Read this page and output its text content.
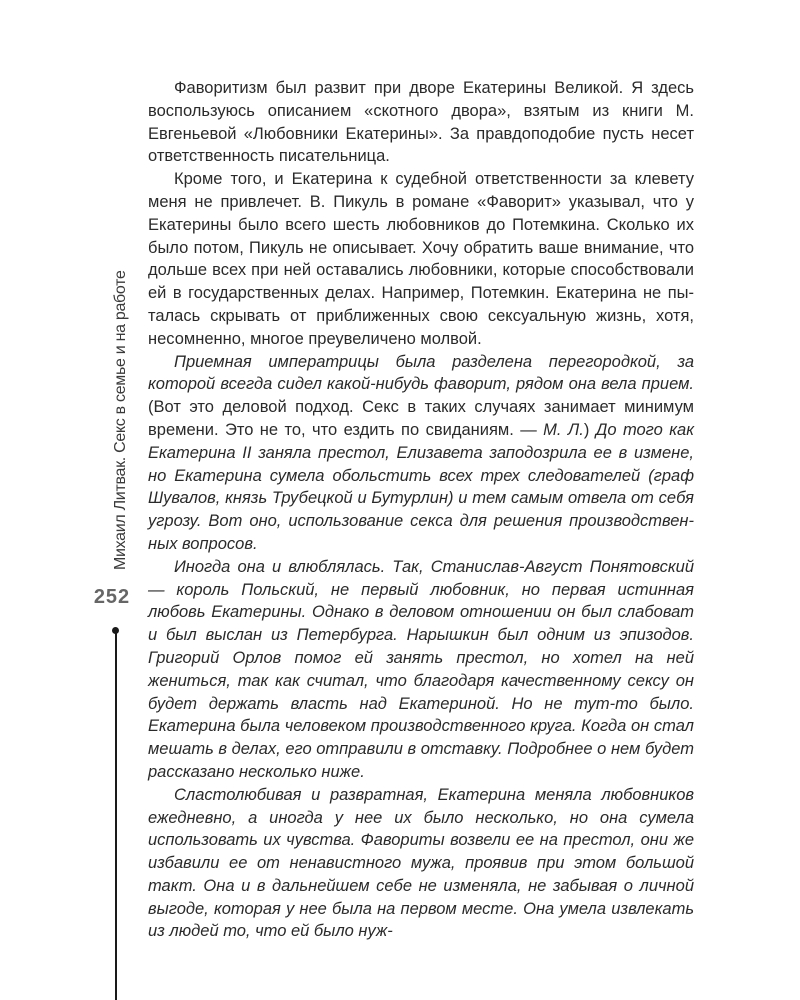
Михаил Литвак. Секс в семье и на работе
252

Фаворитизм был развит при дворе Екатерины Великой. Я здесь воспользуюсь описанием «скотного двора», взятым из книги М. Евгеньевой «Любовники Екатерины». За правдоподобие пусть несет ответственность писательница.

Кроме того, и Екатерина к судебной ответственности за клевету меня не привлечет. В. Пикуль в романе «Фаворит» указывал, что у Екатерины было всего шесть любовников до Потемкина. Сколько их было потом, Пикуль не описывает. Хочу обратить ваше внимание, что дольше всех при ней оставались любовники, которые способствовали ей в государственных делах. Например, Потемкин. Екатерина не пыталась скрывать от приближенных свою сексуальную жизнь, хотя, несомненно, многое преувеличено молвой.

Приемная императрицы была разделена перегородкой, за которой всегда сидел какой-нибудь фаворит, рядом она вела прием. (Вот это деловой подход. Секс в таких случаях занимает минимум времени. Это не то, что ездить по свиданиям. — М. Л.) До того как Екатерина II заняла престол, Елизавета заподозрила ее в измене, но Екатерина сумела обольстить всех трех следователей (граф Шувалов, князь Трубецкой и Бутурлин) и тем самым отвела от себя угрозу. Вот оно, использование секса для решения производственных вопросов.

Иногда она и влюблялась. Так, Станислав-Август Понятовский — король Польский, не первый любовник, но первая истинная любовь Екатерины. Однако в деловом отношении он был слабоват и был выслан из Петербурга. Нарышкин был одним из эпизодов. Григорий Орлов помог ей занять престол, но хотел на ней жениться, так как считал, что благодаря качественному сексу он будет держать власть над Екатериной. Но не тут-то было. Екатерина была человеком производственного круга. Когда он стал мешать в делах, его отправили в отставку. Подробнее о нем будет рассказано несколько ниже.

Сластолюбивая и развратная, Екатерина меняла любовников ежедневно, а иногда у нее их было несколько, но она сумела использовать их чувства. Фавориты возвели ее на престол, они же избавили ее от ненавистного мужа, проявив при этом большой такт. Она и в дальнейшем себе не изменяла, не забывая о личной выгоде, которая у нее была на первом месте. Она умела извлекать из людей то, что ей было нуж-
